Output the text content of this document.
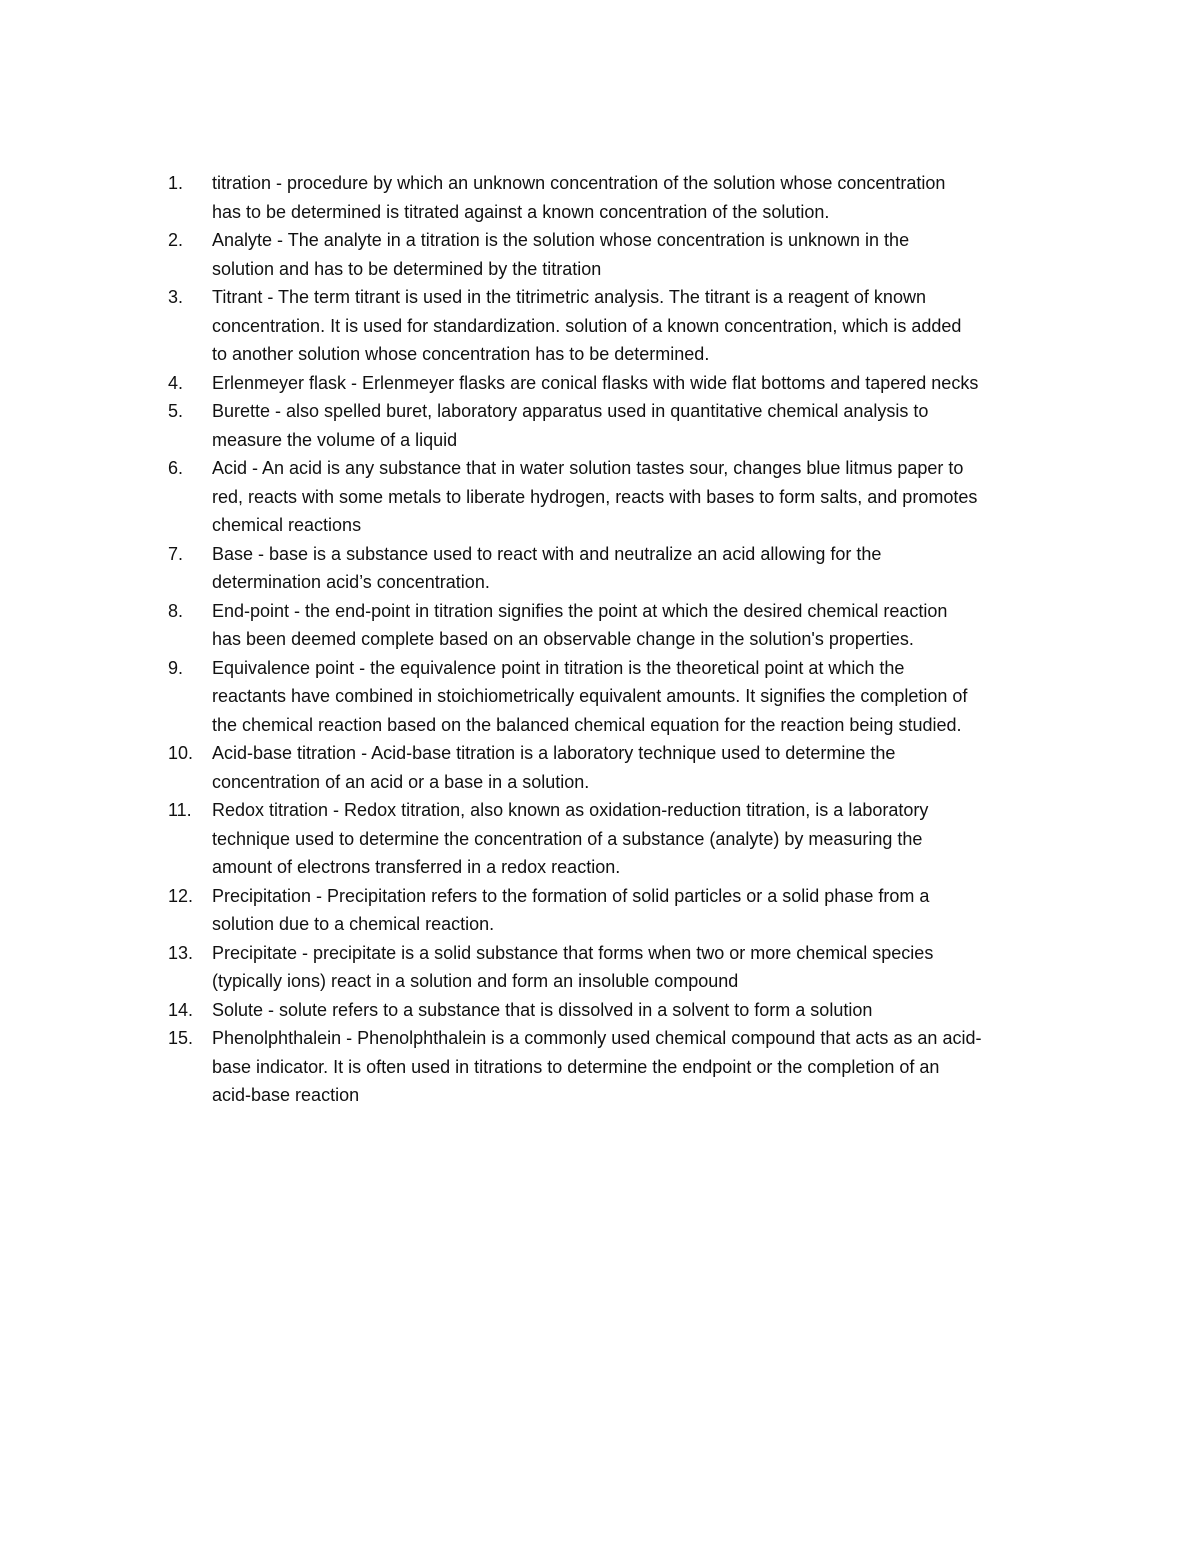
1. titration - procedure by which an unknown concentration of the solution whose concentration
has to be determined is titrated against a known concentration of the solution.
2. Analyte - The analyte in a titration is the solution whose concentration is unknown in the
solution and has to be determined by the titration
3. Titrant - The term titrant is used in the titrimetric analysis. The titrant is a reagent of known
concentration. It is used for standardization. solution of a known concentration, which is added
to another solution whose concentration has to be determined.
4. Erlenmeyer flask - Erlenmeyer flasks are conical flasks with wide flat bottoms and tapered necks
5. Burette - also spelled buret, laboratory apparatus used in quantitative chemical analysis to
measure the volume of a liquid
6. Acid - An acid is any substance that in water solution tastes sour, changes blue litmus paper to
red, reacts with some metals to liberate hydrogen, reacts with bases to form salts, and promotes
chemical reactions
7. Base - base is a substance used to react with and neutralize an acid allowing for the
determination acid’s concentration.
8. End-point - the end-point in titration signifies the point at which the desired chemical reaction
has been deemed complete based on an observable change in the solution's properties.
9. Equivalence point - the equivalence point in titration is the theoretical point at which the
reactants have combined in stoichiometrically equivalent amounts. It signifies the completion of
the chemical reaction based on the balanced chemical equation for the reaction being studied.
10. Acid-base titration - Acid-base titration is a laboratory technique used to determine the
concentration of an acid or a base in a solution.
11. Redox titration - Redox titration, also known as oxidation-reduction titration, is a laboratory
technique used to determine the concentration of a substance (analyte) by measuring the
amount of electrons transferred in a redox reaction.
12. Precipitation - Precipitation refers to the formation of solid particles or a solid phase from a
solution due to a chemical reaction.
13. Precipitate - precipitate is a solid substance that forms when two or more chemical species
(typically ions) react in a solution and form an insoluble compound
14. Solute - solute refers to a substance that is dissolved in a solvent to form a solution
15. Phenolphthalein - Phenolphthalein is a commonly used chemical compound that acts as an acid-
base indicator. It is often used in titrations to determine the endpoint or the completion of an
acid-base reaction
